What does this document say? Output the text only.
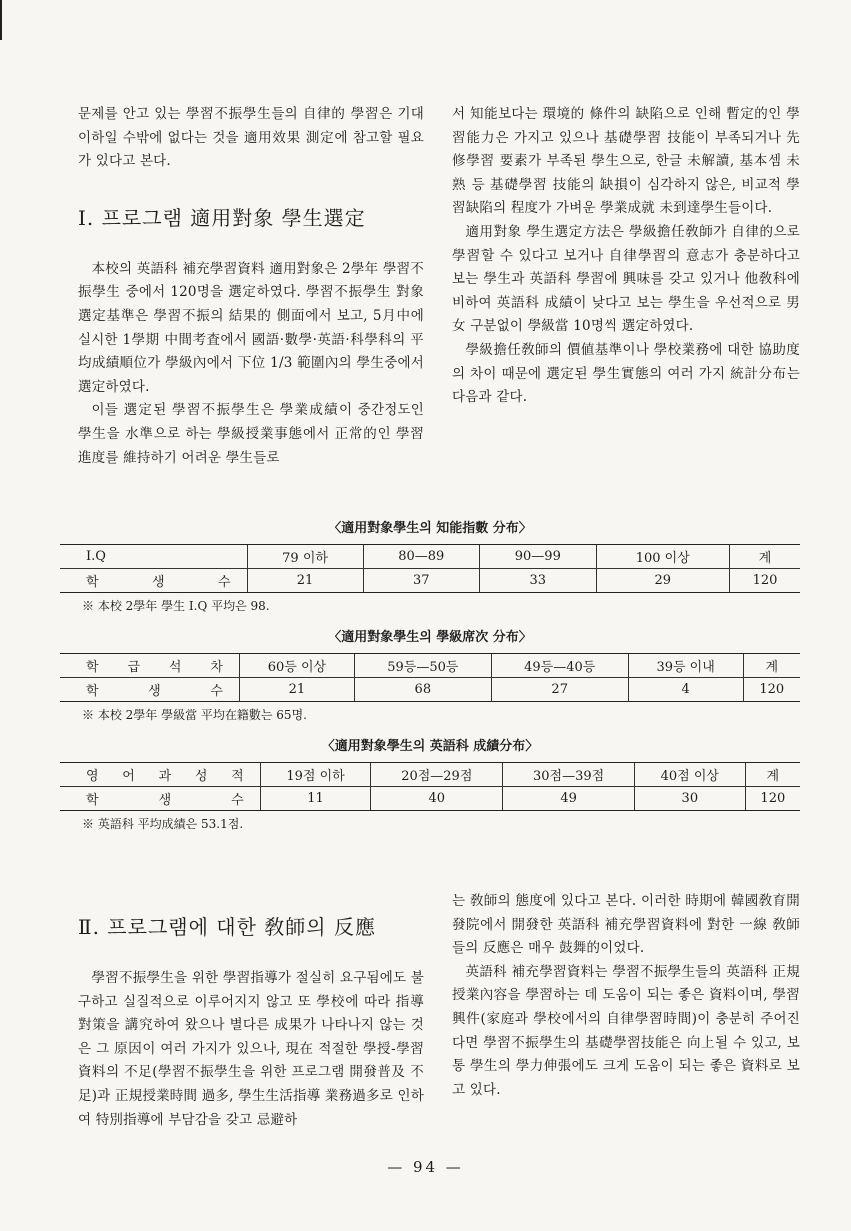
문제를 안고 있는 學習不振學生들의 自律的 學習은 기대 이하일 수밖에 없다는 것을 適用效果 測定에 참고할 필요가 있다고 본다.

Ⅰ. 프로그램 適用對象 學生選定

本校의 英語科 補充學習資料 適用對象은 2學年 學習不振學生 중에서 120명을 選定하였다. 學習不振學生 對象 選定基準은 學習不振의 結果的 側面에서 보고, 5月中에 실시한 1學期 中間考査에서 國語·數學·英語·科學科의 平均成績順位가 學級內에서 下位 1/3 範圍內의 學生중에서 選定하였다.

이들 選定된 學習不振學生은 學業成績이 중간정도인 學生을 水準으로 하는 學級授業事態에서 正常的인 學習進度를 維持하기 어려운 學生들로

서 知能보다는 環境的 條件의 缺陷으로 인해 暫定的인 學習能力은 가지고 있으나 基礎學習 技能이 부족되거나 先修學習 要素가 부족된 學生으로, 한글 未解讀, 基本셈 未熟 등 基礎學習 技能의 缺損이 심각하지 않은, 비교적 學習缺陷의 程度가 가벼운 學業成就 未到達學生들이다.

適用對象 學生選定方法은 學級擔任敎師가 自律的으로 學習할 수 있다고 보거나 自律學習의 意志가 충분하다고 보는 學生과 英語科 學習에 興味를 갖고 있거나 他敎科에 비하여 英語科 成績이 낮다고 보는 學生을 우선적으로 男女 구분없이 學級當 10명씩 選定하였다.

學級擔任敎師의 價値基準이나 學校業務에 대한 協助度의 차이 때문에 選定된 學生實態의 여러 가지 統計分布는 다음과 같다.

〈適用對象學生의 知能指數 分布〉
I.Q	79 이하	80—89	90—99	100 이상	계
학 생 수	21	37	33	29	120
※ 本校 2學年 學生 I.Q 平均은 98.
〈適用對象學生의 學級席次 分布〉
학 급 석 차	60등 이상	59등—50등	49등—40등	39등 이내	계
학 생 수	21	68	27	4	120
※ 本校 2學年 學級當 平均在籍數는 65명.
〈適用對象學生의 英語科 成績分布〉
영 어 과 성 적	19점 이하	20점—29점	30점—39점	40점 이상	계
학 생 수	11	40	49	30	120
※ 英語科 平均成績은 53.1점.
Ⅱ. 프로그램에 대한 敎師의 反應

學習不振學生을 위한 學習指導가 절실히 요구됨에도 불구하고 실질적으로 이루어지지 않고 또 學校에 따라 指導對策을 講究하여 왔으나 별다른 成果가 나타나지 않는 것은 그 原因이 여러 가지가 있으나, 現在 적절한 學授-學習資料의 不足(學習不振學生을 위한 프로그램 開發普及 不足)과 正規授業時間 過多, 學生生活指導 業務過多로 인하여 特別指導에 부담감을 갖고 忌避하

는 敎師의 態度에 있다고 본다. 이러한 時期에 韓國敎育開發院에서 開發한 英語科 補充學習資料에 對한 一線 敎師들의 反應은 매우 鼓舞的이었다.

英語科 補充學習資料는 學習不振學生들의 英語科 正規授業內容을 學習하는 데 도움이 되는 좋은 資料이며, 學習興件(家庭과 學校에서의 自律學習時間)이 충분히 주어진다면 學習不振學生의 基礎學習技能은 向上될 수 있고, 보통 學生의 學力伸張에도 크게 도움이 되는 좋은 資料로 보고 있다.

— 94 —
